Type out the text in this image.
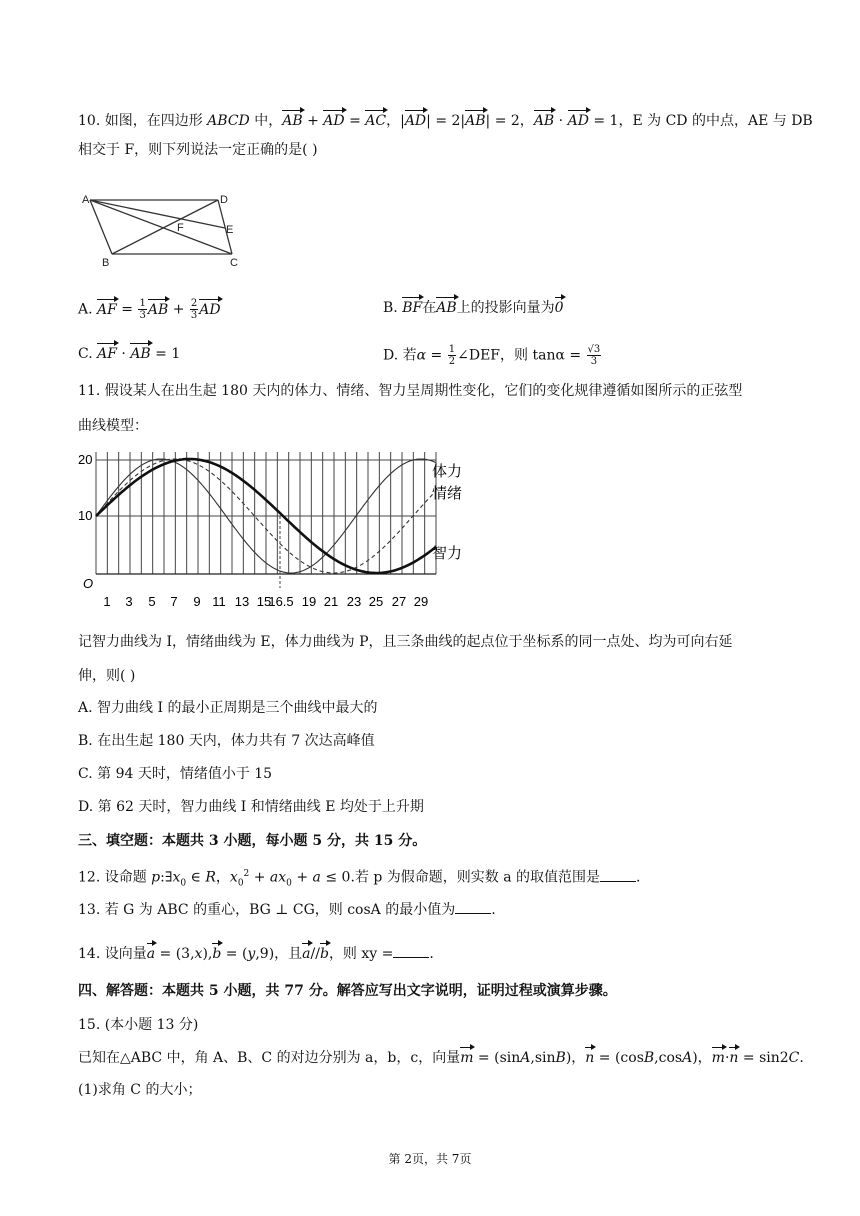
10. 如图，在四边形 ABCD 中，AB + AD = AC，|AD| = 2|AB| = 2，AB · AD = 1，E 为 CD 的中点，AE 与 DB
相交于 F，则下列说法一定正确的是( )
A	D
E
F
B	C
A. AF = $\frac{1}{3}$ AB + $\frac{2}{3}$ AD	B. BF在AB上的投影向量为0
C. AF · AB = 1	D. 若$\alpha = \frac{1}{2}$ ∠DEF，则 $\tan\alpha = \frac{√3}{3}$
11. 假设某人在出生起 180 天内的体力、情绪、智力呈周期性变化，它们的变化规律遵循如图所示的正弦型
曲线模型：
20
10
O
1 3 5 7 9 11 13 15
16.5 19 21 23 25 27 29
体力
情绪
智力
记智力曲线为 I，情绪曲线为 E，体力曲线为 P，且三条曲线的起点位于坐标系的同一点处、均为可向右延
伸，则( )
A. 智力曲线 I 的最小正周期是三个曲线中最大的
B. 在出生起 180 天内，体力共有 7 次达高峰值
C. 第 94 天时，情绪值小于 15
D. 第 62 天时，智力曲线 I 和情绪曲线 E 均处于上升期
三、填空题：本题共 3 小题，每小题 5 分，共 15 分。
12. 设命题 $p:\exists x_0$ ∈ R，$x_0^2 + ax_0 + a \le 0$.若 p 为假命题，则实数 a 的取值范围是	.
13. 若 G 为 ABC 的重心，BG ⊥ CG，则 cosA 的最小值为	.
14. 设向量a = (3,x),b = (y,9)，且a//b，则 xy =	.
四、解答题：本题共 5 小题，共 77 分。解答应写出文字说明，证明过程或演算步骤。
15. (本小题 13 分)
已知在△ABC 中，角 A、B、C 的对边分别为 a，b，c，向量m = (sinA,sinB)，n = (cosB,cosA)，m·n = sin2C.
(1)求角 C 的大小；
第 2页，共 7页
